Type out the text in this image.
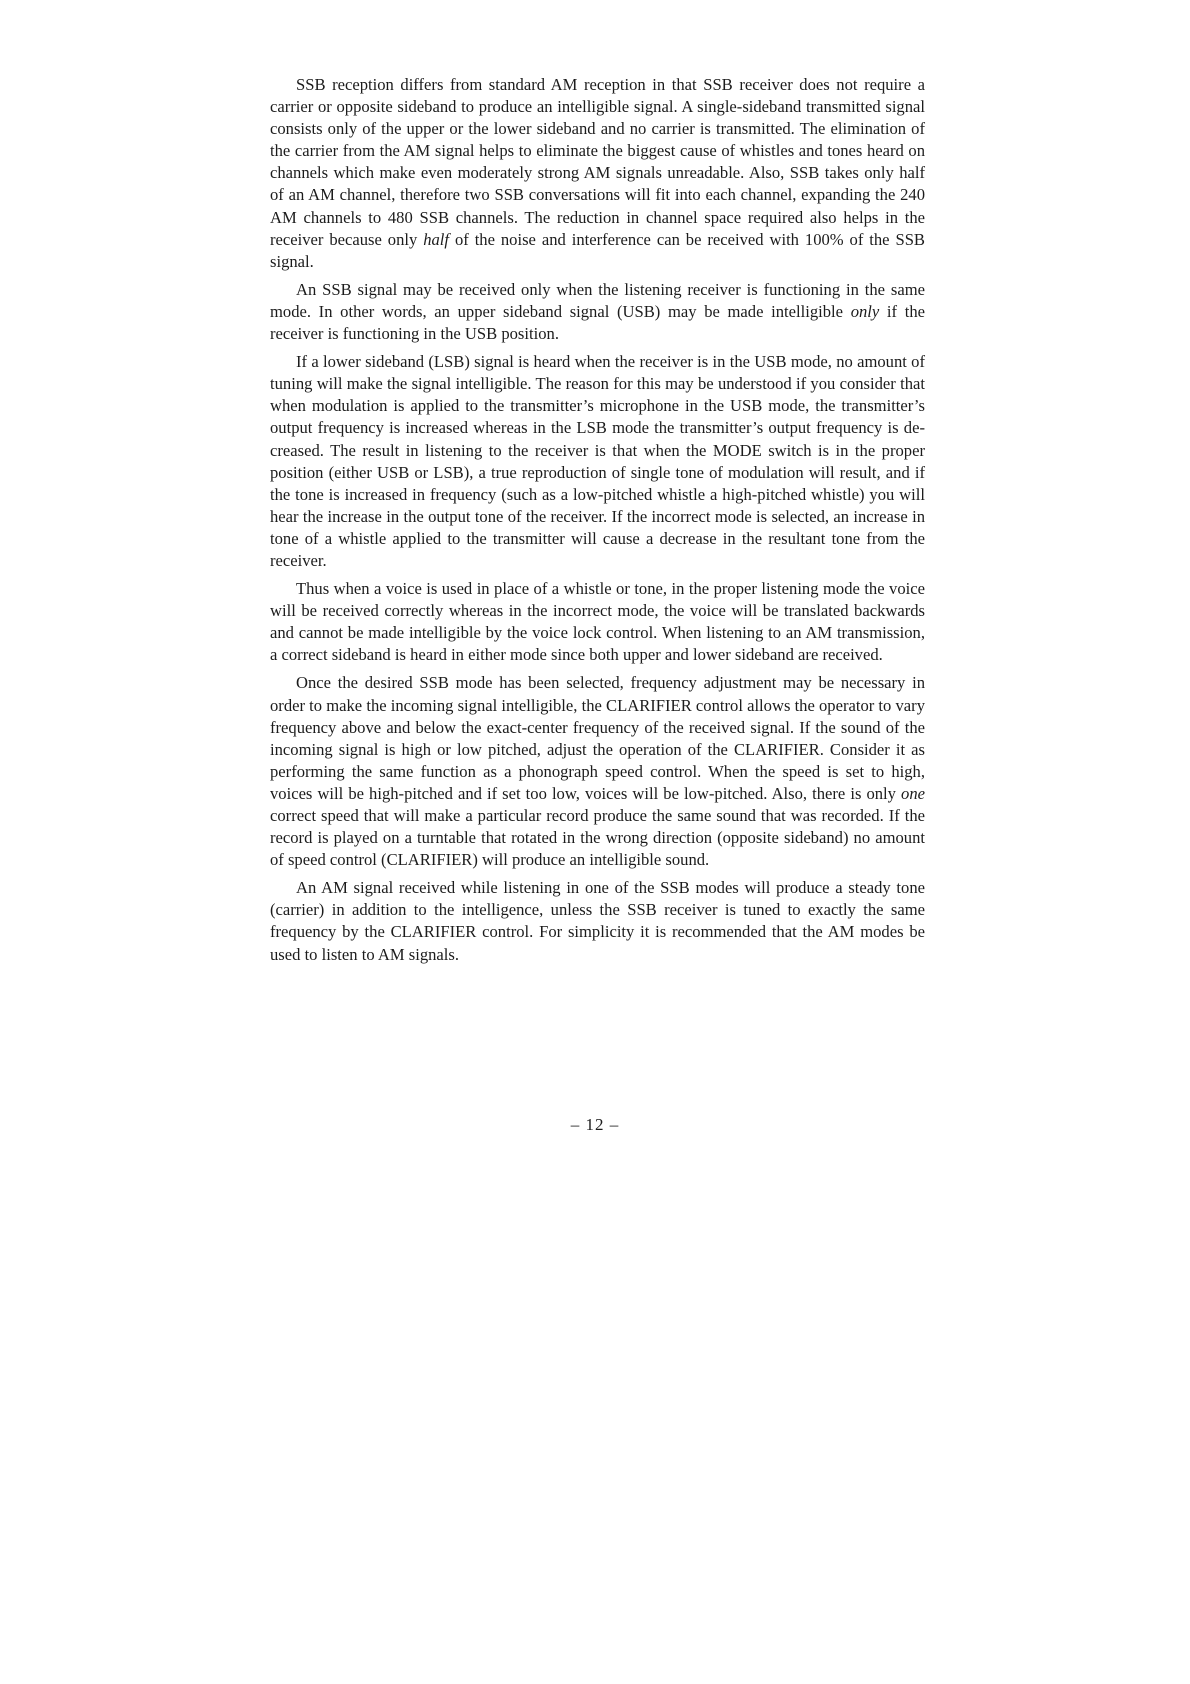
SSB reception differs from standard AM reception in that SSB receiver does not require a carrier or opposite sideband to produce an intelligible signal. A single-sideband transmitted signal consists only of the upper or the lower sideband and no carrier is transmitted. The elimination of the carrier from the AM signal helps to eliminate the biggest cause of whistles and tones heard on channels which make even moderately strong AM signals unreadable. Also, SSB takes only half of an AM channel, therefore two SSB conversations will fit into each channel, expanding the 240 AM channels to 480 SSB channels. The reduction in channel space required also helps in the receiver because only half of the noise and interference can be received with 100% of the SSB signal.

An SSB signal may be received only when the listening receiver is functioning in the same mode. In other words, an upper sideband signal (USB) may be made intelligible only if the receiver is functioning in the USB position.

If a lower sideband (LSB) signal is heard when the receiver is in the USB mode, no amount of tuning will make the signal intelligible. The reason for this may be understood if you consider that when modulation is applied to the transmitter’s microphone in the USB mode, the transmitter’s output frequency is increased whereas in the LSB mode the transmitter’s output frequency is decreased. The result in listening to the receiver is that when the MODE switch is in the proper position (either USB or LSB), a true reproduction of single tone of modulation will result, and if the tone is increased in frequency (such as a low-pitched whistle a high-pitched whistle) you will hear the increase in the output tone of the receiver. If the incorrect mode is selected, an increase in tone of a whistle applied to the transmitter will cause a decrease in the resultant tone from the receiver.

Thus when a voice is used in place of a whistle or tone, in the proper listening mode the voice will be received correctly whereas in the incorrect mode, the voice will be translated backwards and cannot be made intelligible by the voice lock control. When listening to an AM transmission, a correct sideband is heard in either mode since both upper and lower sideband are received.

Once the desired SSB mode has been selected, frequency adjustment may be necessary in order to make the incoming signal intelligible, the CLARIFIER control allows the operator to vary frequency above and below the exact-center frequency of the received signal. If the sound of the incoming signal is high or low pitched, adjust the operation of the CLARIFIER. Consider it as performing the same function as a phonograph speed control. When the speed is set to high, voices will be high-pitched and if set too low, voices will be low-pitched. Also, there is only one correct speed that will make a particular record produce the same sound that was recorded. If the record is played on a turntable that rotated in the wrong direction (opposite sideband) no amount of speed control (CLARIFIER) will produce an intelligible sound.

An AM signal received while listening in one of the SSB modes will produce a steady tone (carrier) in addition to the intelligence, unless the SSB receiver is tuned to exactly the same frequency by the CLARIFIER control. For simplicity it is recommended that the AM modes be used to listen to AM signals.

– 12 –
